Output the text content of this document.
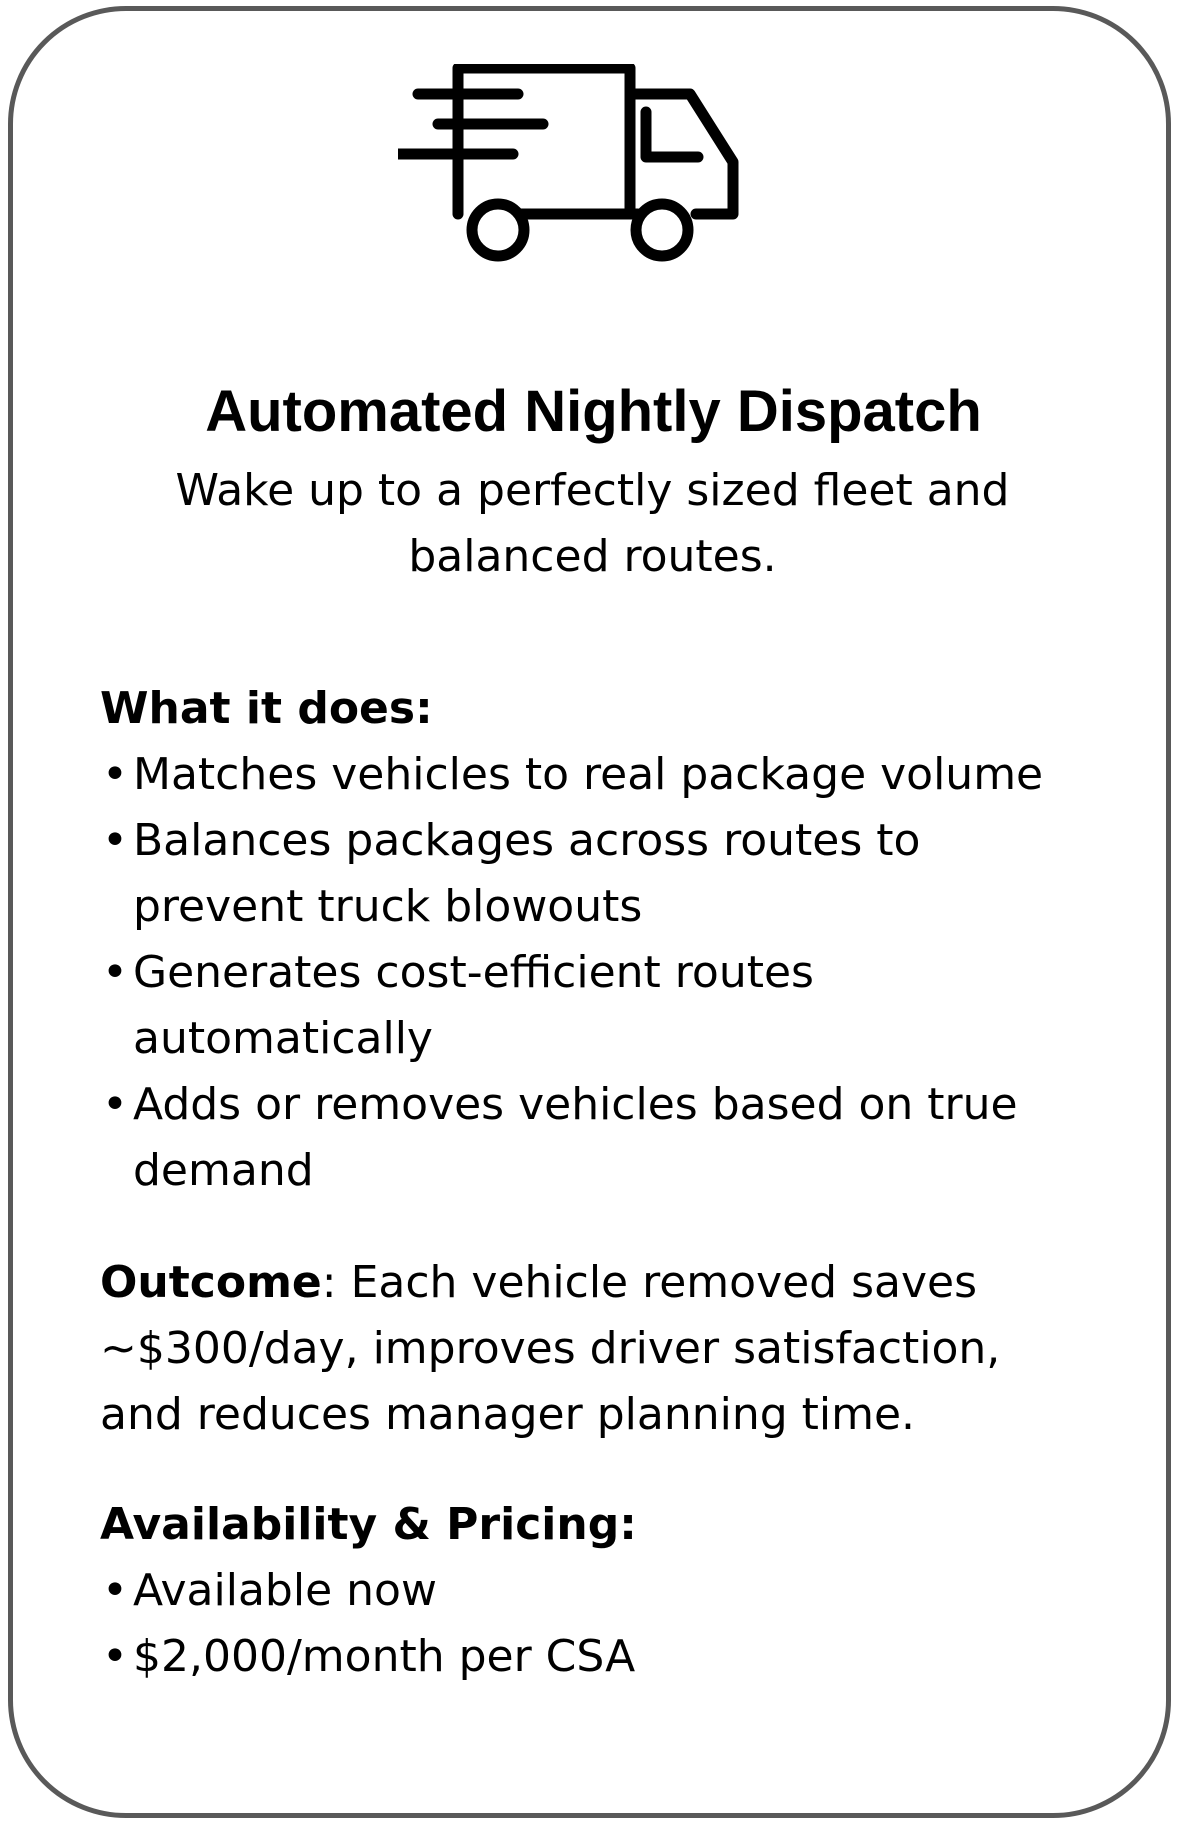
Automated Nightly Dispatch

Wake up to a perfectly sized fleet and balanced routes.

What it does:
• Matches vehicles to real package volume
• Balances packages across routes to prevent truck blowouts
• Generates cost-efficient routes automatically
• Adds or removes vehicles based on true demand

Outcome: Each vehicle removed saves ~$300/day, improves driver satisfaction, and reduces manager planning time.

Availability & Pricing:
• Available now
• $2,000/month per CSA
